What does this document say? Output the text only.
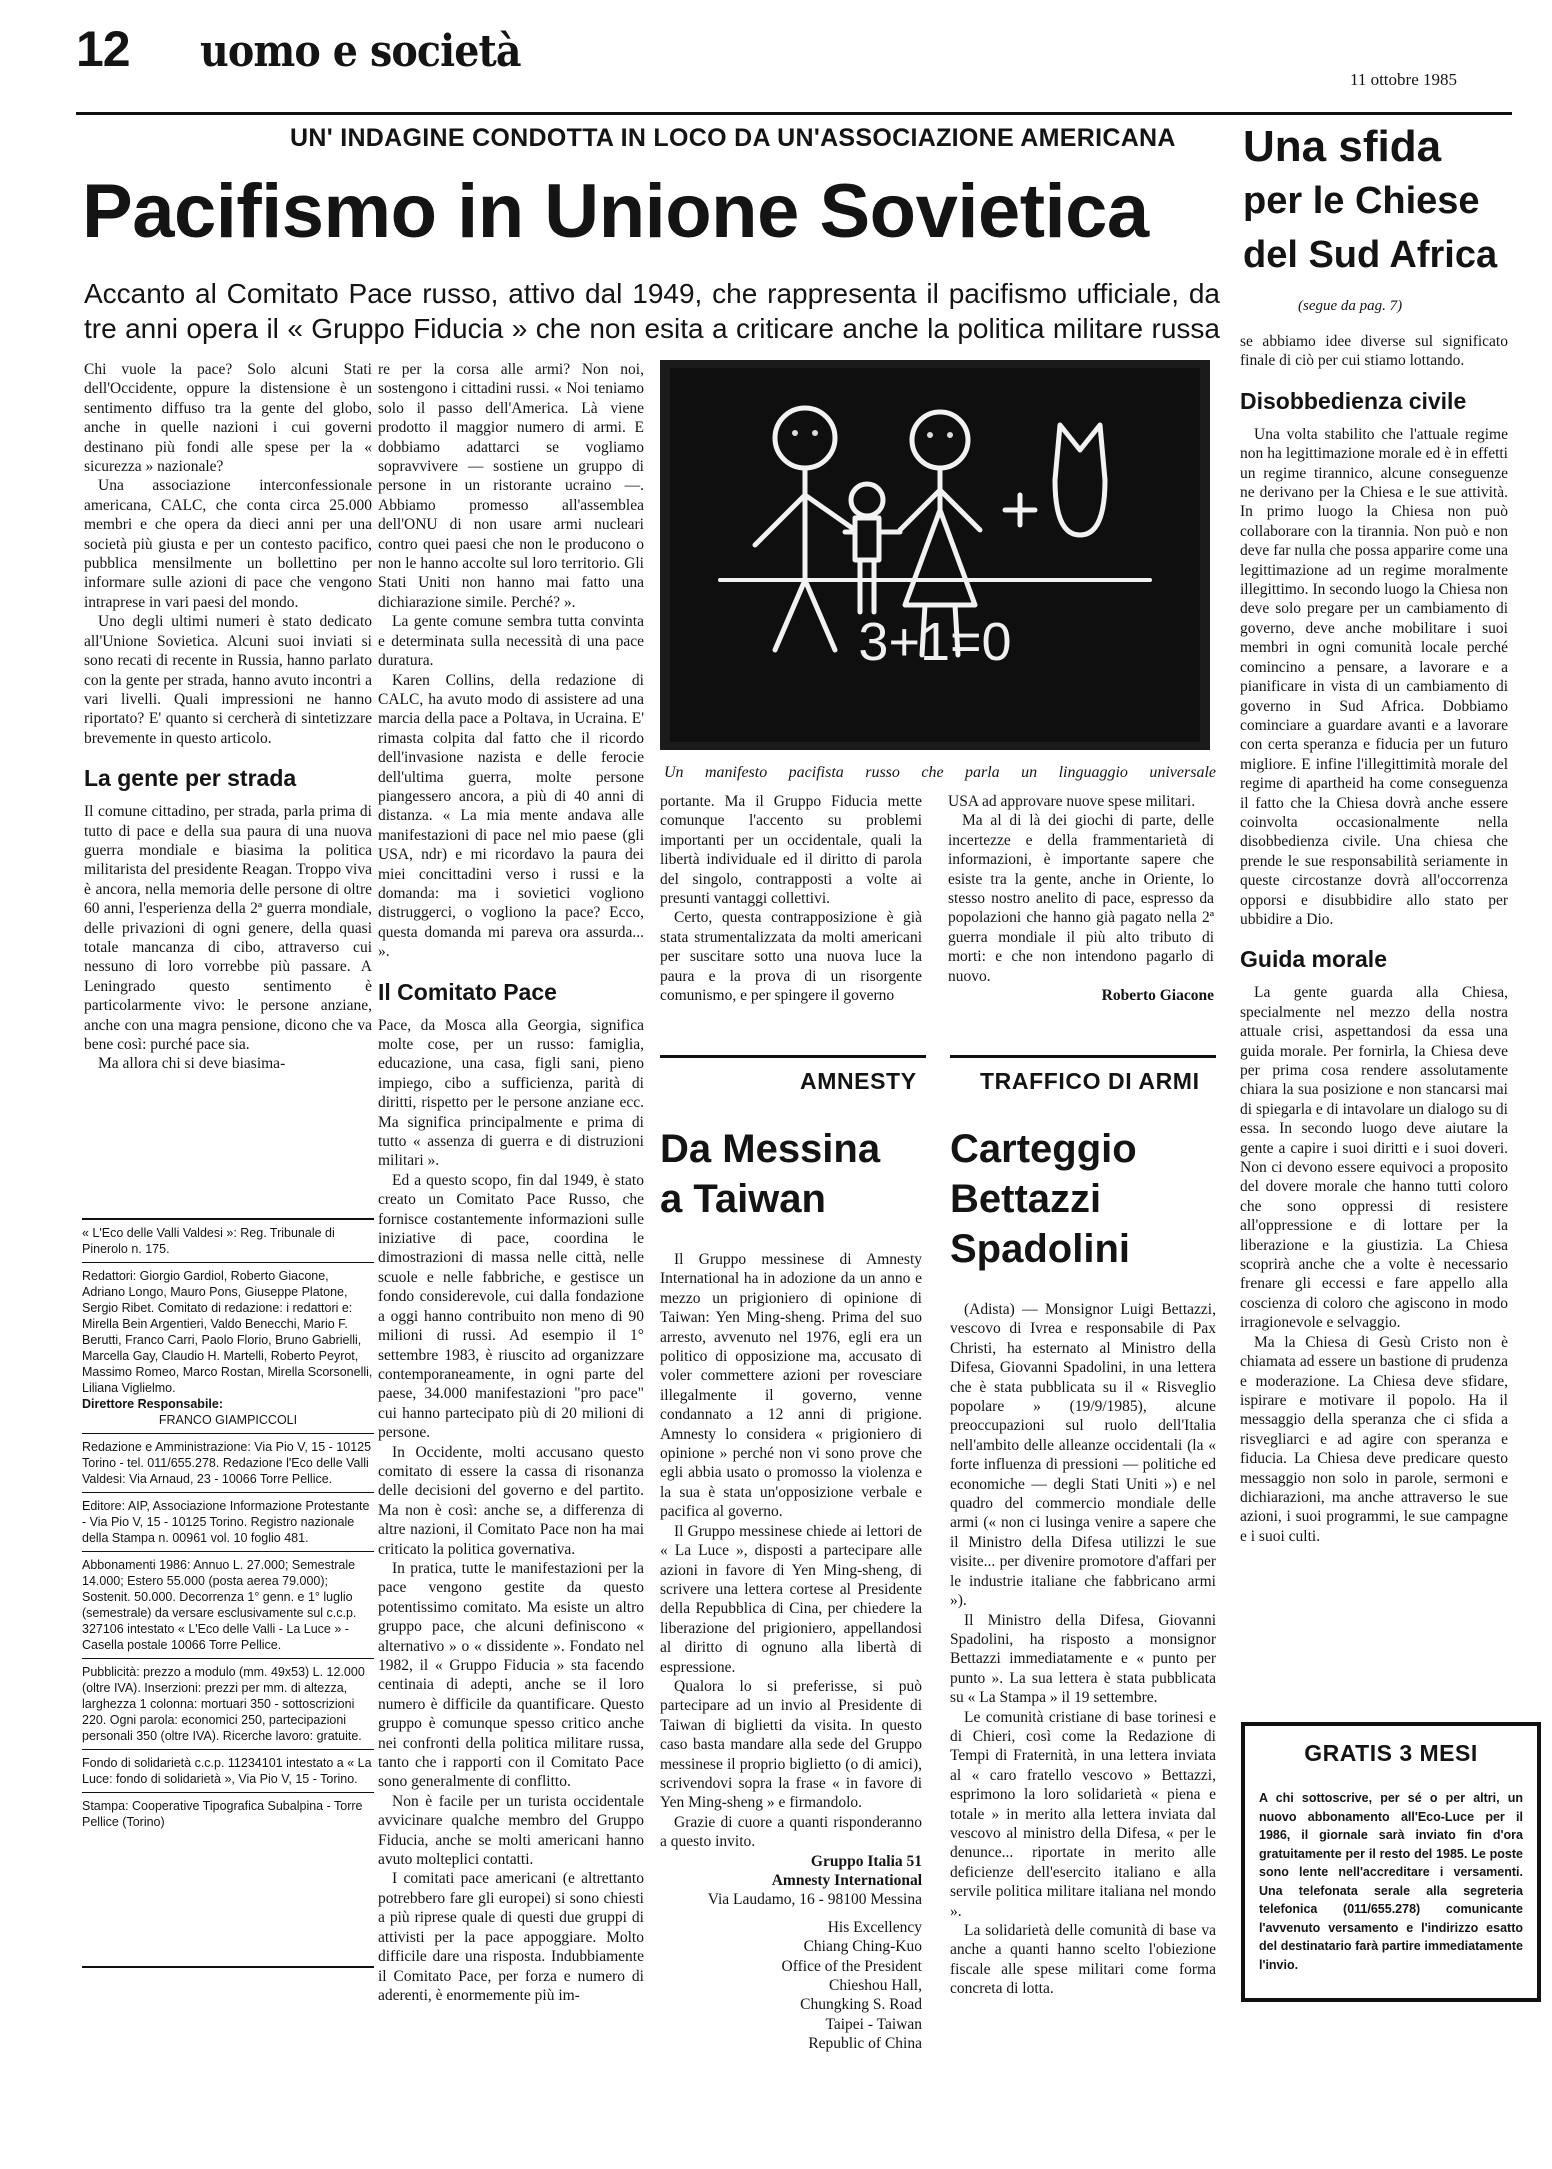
12 uomo e società
11 ottobre 1985
UN' INDAGINE CONDOTTA IN LOCO DA UN'ASSOCIAZIONE AMERICANA
Pacifismo in Unione Sovietica
Accanto al Comitato Pace russo, attivo dal 1949, che rappresenta il pacifismo ufficiale, da tre anni opera il « Gruppo Fiducia » che non esita a criticare anche la politica militare russa

Chi vuole la pace? Solo alcuni Stati dell'Occidente, oppure la distensione è un sentimento diffuso tra la gente del globo, anche in quelle nazioni i cui governi destinano più fondi alle spese per la « sicurezza » nazionale?

Una associazione interconfessionale americana, CALC, che conta circa 25.000 membri e che opera da dieci anni per una società più giusta e per un contesto pacifico, pubblica mensilmente un bollettino per informare sulle azioni di pace che vengono intraprese in vari paesi del mondo.

Uno degli ultimi numeri è stato dedicato all'Unione Sovietica. Alcuni suoi inviati si sono recati di recente in Russia, hanno parlato con la gente per strada, hanno avuto incontri a vari livelli. Quali impressioni ne hanno riportato? E' quanto si cercherà di sintetizzare brevemente in questo articolo.

La gente per strada

Il comune cittadino, per strada, parla prima di tutto di pace e della sua paura di una nuova guerra mondiale e biasima la politica militarista del presidente Reagan. Troppo viva è ancora, nella memoria delle persone di oltre 60 anni, l'esperienza della 2ª guerra mondiale, delle privazioni di ogni genere, della quasi totale mancanza di cibo, attraverso cui nessuno di loro vorrebbe più passare. A Leningrado questo sentimento è particolarmente vivo: le persone anziane, anche con una magra pensione, dicono che va bene così: purché pace sia.

Ma allora chi si deve biasima-

« L'Eco delle Valli Valdesi »: Reg. Tribunale di Pinerolo n. 175.
Redattori: Giorgio Gardiol, Roberto Giacone, Adriano Longo, Mauro Pons, Giuseppe Platone, Sergio Ribet. Comitato di redazione: i redattori e: Mirella Bein Argentieri, Valdo Benecchi, Mario F. Berutti, Franco Carri, Paolo Florio, Bruno Gabrielli, Marcella Gay, Claudio H. Martelli, Roberto Peyrot, Massimo Romeo, Marco Rostan, Mirella Scorsonelli, Liliana Viglielmo.
Direttore Responsabile:
FRANCO GIAMPICCOLI
Redazione e Amministrazione: Via Pio V, 15 - 10125 Torino - tel. 011/655.278. Redazione l'Eco delle Valli Valdesi: Via Arnaud, 23 - 10066 Torre Pellice.
Editore: AIP, Associazione Informazione Protestante - Via Pio V, 15 - 10125 Torino. Registro nazionale della Stampa n. 00961 vol. 10 foglio 481.
Abbonamenti 1986: Annuo L. 27.000; Semestrale 14.000; Estero 55.000 (posta aerea 79.000); Sostenit. 50.000. Decorrenza 1° genn. e 1° luglio (semestrale) da versare esclusivamente sul c.c.p. 327106 intestato « L'Eco delle Valli - La Luce » - Casella postale 10066 Torre Pellice.
Pubblicità: prezzo a modulo (mm. 49x53) L. 12.000 (oltre IVA). Inserzioni: prezzi per mm. di altezza, larghezza 1 colonna: mortuari 350 - sottoscrizioni 220. Ogni parola: economici 250, partecipazioni personali 350 (oltre IVA). Ricerche lavoro: gratuite.
Fondo di solidarietà c.c.p. 11234101 intestato a « La Luce: fondo di solidarietà », Via Pio V, 15 - Torino.
Stampa: Cooperative Tipografica Subalpina - Torre Pellice (Torino)

re per la corsa alle armi? Non noi, sostengono i cittadini russi. « Noi teniamo solo il passo dell'America. Là viene prodotto il maggior numero di armi. E dobbiamo adattarci se vogliamo sopravvivere — sostiene un gruppo di persone in un ristorante ucraino —. Abbiamo promesso all'assemblea dell'ONU di non usare armi nucleari contro quei paesi che non le producono o non le hanno accolte sul loro territorio. Gli Stati Uniti non hanno mai fatto una dichiarazione simile. Perché? ».

La gente comune sembra tutta convinta e determinata sulla necessità di una pace duratura.

Karen Collins, della redazione di CALC, ha avuto modo di assistere ad una marcia della pace a Poltava, in Ucraina. E' rimasta colpita dal fatto che il ricordo dell'invasione nazista e delle ferocie dell'ultima guerra, molte persone piangessero ancora, a più di 40 anni di distanza. « La mia mente andava alle manifestazioni di pace nel mio paese (gli USA, ndr) e mi ricordavo la paura dei miei concittadini verso i russi e la domanda: ma i sovietici vogliono distruggerci, o vogliono la pace? Ecco, questa domanda mi pareva ora assurda... ».

Il Comitato Pace

Pace, da Mosca alla Georgia, significa molte cose, per un russo: famiglia, educazione, una casa, figli sani, pieno impiego, cibo a sufficienza, parità di diritti, rispetto per le persone anziane ecc. Ma significa principalmente e prima di tutto « assenza di guerra e di distruzioni militari ».

Ed a questo scopo, fin dal 1949, è stato creato un Comitato Pace Russo, che fornisce costantemente informazioni sulle iniziative di pace, coordina le dimostrazioni di massa nelle città, nelle scuole e nelle fabbriche, e gestisce un fondo considerevole, cui dalla fondazione a oggi hanno contribuito non meno di 90 milioni di russi. Ad esempio il 1° settembre 1983, è riuscito ad organizzare contemporaneamente, in ogni parte del paese, 34.000 manifestazioni "pro pace" cui hanno partecipato più di 20 milioni di persone.

In Occidente, molti accusano questo comitato di essere la cassa di risonanza delle decisioni del governo e del partito. Ma non è così: anche se, a differenza di altre nazioni, il Comitato Pace non ha mai criticato la politica governativa.

In pratica, tutte le manifestazioni per la pace vengono gestite da questo potentissimo comitato. Ma esiste un altro gruppo pace, che alcuni definiscono « alternativo » o « dissidente ». Fondato nel 1982, il « Gruppo Fiducia » sta facendo centinaia di adepti, anche se il loro numero è difficile da quantificare. Questo gruppo è comunque spesso critico anche nei confronti della politica militare russa, tanto che i rapporti con il Comitato Pace sono generalmente di conflitto.

Non è facile per un turista occidentale avvicinare qualche membro del Gruppo Fiducia, anche se molti americani hanno avuto molteplici contatti.

I comitati pace americani (e altrettanto potrebbero fare gli europei) si sono chiesti a più riprese quale di questi due gruppi di attivisti per la pace appoggiare. Molto difficile dare una risposta. Indubbiamente il Comitato Pace, per forza e numero di aderenti, è enormemente più im-

3+1=0
Un manifesto pacifista russo che parla un linguaggio universale

portante. Ma il Gruppo Fiducia mette comunque l'accento su problemi importanti per un occidentale, quali la libertà individuale ed il diritto di parola del singolo, contrapposti a volte ai presunti vantaggi collettivi.

Certo, questa contrapposizione è già stata strumentalizzata da molti americani per suscitare sotto una nuova luce la paura e la prova di un risorgente comunismo, e per spingere il governo

USA ad approvare nuove spese militari.

Ma al di là dei giochi di parte, delle incertezze e della frammentarietà di informazioni, è importante sapere che esiste tra la gente, anche in Oriente, lo stesso nostro anelito di pace, espresso da popolazioni che hanno già pagato nella 2ª guerra mondiale il più alto tributo di morti: e che non intendono pagarlo di nuovo.

Roberto Giacone

AMNESTY
Da Messina
a Taiwan

Il Gruppo messinese di Amnesty International ha in adozione da un anno e mezzo un prigioniero di opinione di Taiwan: Yen Ming-sheng. Prima del suo arresto, avvenuto nel 1976, egli era un politico di opposizione ma, accusato di voler commettere azioni per rovesciare illegalmente il governo, venne condannato a 12 anni di prigione. Amnesty lo considera « prigioniero di opinione » perché non vi sono prove che egli abbia usato o promosso la violenza e la sua è stata un'opposizione verbale e pacifica al governo.

Il Gruppo messinese chiede ai lettori de « La Luce », disposti a partecipare alle azioni in favore di Yen Ming-sheng, di scrivere una lettera cortese al Presidente della Repubblica di Cina, per chiedere la liberazione del prigioniero, appellandosi al diritto di ognuno alla libertà di espressione.

Qualora lo si preferisse, si può partecipare ad un invio al Presidente di Taiwan di biglietti da visita. In questo caso basta mandare alla sede del Gruppo messinese il proprio biglietto (o di amici), scrivendovi sopra la frase « in favore di Yen Ming-sheng » e firmandolo.

Grazie di cuore a quanti risponderanno a questo invito.

Gruppo Italia 51

Amnesty International

Via Laudamo, 16 - 98100 Messina

His Excellency
Chiang Ching-Kuo
Office of the President
Chieshou Hall,
Chungking S. Road
Taipei - Taiwan
Republic of China
TRAFFICO DI ARMI
Carteggio
Bettazzi
Spadolini

(Adista) — Monsignor Luigi Bettazzi, vescovo di Ivrea e responsabile di Pax Christi, ha esternato al Ministro della Difesa, Giovanni Spadolini, in una lettera che è stata pubblicata su il « Risveglio popolare » (19/9/1985), alcune preoccupazioni sul ruolo dell'Italia nell'ambito delle alleanze occidentali (la « forte influenza di pressioni — politiche ed economiche — degli Stati Uniti ») e nel quadro del commercio mondiale delle armi (« non ci lusinga venire a sapere che il Ministro della Difesa utilizzi le sue visite... per divenire promotore d'affari per le industrie italiane che fabbricano armi »).

Il Ministro della Difesa, Giovanni Spadolini, ha risposto a monsignor Bettazzi immediatamente e « punto per punto ». La sua lettera è stata pubblicata su « La Stampa » il 19 settembre.

Le comunità cristiane di base torinesi e di Chieri, così come la Redazione di Tempi di Fraternità, in una lettera inviata al « caro fratello vescovo » Bettazzi, esprimono la loro solidarietà « piena e totale » in merito alla lettera inviata dal vescovo al ministro della Difesa, « per le denunce... riportate in merito alle deficienze dell'esercito italiano e alla servile politica militare italiana nel mondo ».

La solidarietà delle comunità di base va anche a quanti hanno scelto l'obiezione fiscale alle spese militari come forma concreta di lotta.

Una sfida
per le Chiese
del Sud Africa
(segue da pag. 7)

se abbiamo idee diverse sul significato finale di ciò per cui stiamo lottando.

Disobbedienza civile

Una volta stabilito che l'attuale regime non ha legittimazione morale ed è in effetti un regime tirannico, alcune conseguenze ne derivano per la Chiesa e le sue attività. In primo luogo la Chiesa non può collaborare con la tirannia. Non può e non deve far nulla che possa apparire come una legittimazione ad un regime moralmente illegittimo. In secondo luogo la Chiesa non deve solo pregare per un cambiamento di governo, deve anche mobilitare i suoi membri in ogni comunità locale perché comincino a pensare, a lavorare e a pianificare in vista di un cambiamento di governo in Sud Africa. Dobbiamo cominciare a guardare avanti e a lavorare con certa speranza e fiducia per un futuro migliore. E infine l'illegittimità morale del regime di apartheid ha come conseguenza il fatto che la Chiesa dovrà anche essere coinvolta occasionalmente nella disobbedienza civile. Una chiesa che prende le sue responsabilità seriamente in queste circostanze dovrà all'occorrenza opporsi e disubbidire allo stato per ubbidire a Dio.

Guida morale

La gente guarda alla Chiesa, specialmente nel mezzo della nostra attuale crisi, aspettandosi da essa una guida morale. Per fornirla, la Chiesa deve per prima cosa rendere assolutamente chiara la sua posizione e non stancarsi mai di spiegarla e di intavolare un dialogo su di essa. In secondo luogo deve aiutare la gente a capire i suoi diritti e i suoi doveri. Non ci devono essere equivoci a proposito del dovere morale che hanno tutti coloro che sono oppressi di resistere all'oppressione e di lottare per la liberazione e la giustizia. La Chiesa scoprirà anche che a volte è necessario frenare gli eccessi e fare appello alla coscienza di coloro che agiscono in modo irragionevole e selvaggio.

Ma la Chiesa di Gesù Cristo non è chiamata ad essere un bastione di prudenza e moderazione. La Chiesa deve sfidare, ispirare e motivare il popolo. Ha il messaggio della speranza che ci sfida a risvegliarci e ad agire con speranza e fiducia. La Chiesa deve predicare questo messaggio non solo in parole, sermoni e dichiarazioni, ma anche attraverso le sue azioni, i suoi programmi, le sue campagne e i suoi culti.

GRATIS 3 MESI
A chi sottoscrive, per sé o per altri, un nuovo abbonamento all'Eco-Luce per il 1986, il giornale sarà inviato fin d'ora gratuitamente per il resto del 1985. Le poste sono lente nell'accreditare i versamenti. Una telefonata serale alla segreteria telefonica (011/655.278) comunicante l'avvenuto versamento e l'indirizzo esatto del destinatario farà partire immediatamente l'invio.
